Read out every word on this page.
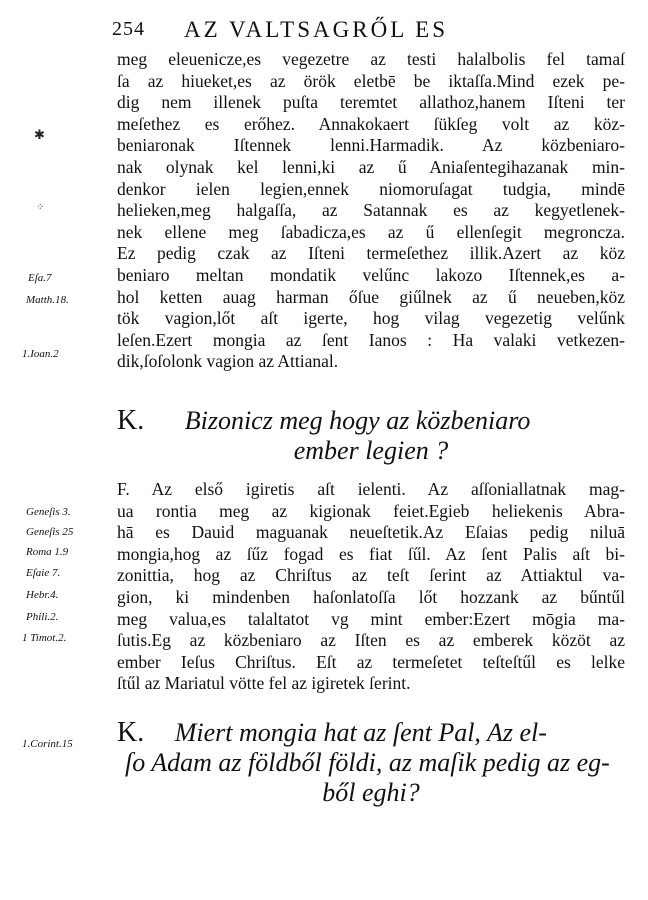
254 AZ VALTSAGRŐL ES
meg eleuenicze,es vegezetre az testi halalbolis fel tamaſ
ſa az hiueket,es az örök eletbē be iktaſſa.Mind ezek pe-
dig nem illenek puſta teremtet allathoz,hanem Iſteni ter
meſethez es erőhez. Annakokaert ſükſeg volt az köz-
beniaronak Iſtennek lenni.Harmadik. Az közbeniaro-
nak olynak kel lenni,ki az ű Aniaſentegihazanak min-
denkor ielen legien,ennek niomoruſagat tudgia, mindē
helieken,meg halgaſſa, az Satannak es az kegyetlenek-
nek ellene meg ſabadicza,es az ű ellenſegit megroncza.
Ez pedig czak az Iſteni termeſethez illik.Azert az köz
beniaro meltan mondatik velűnc lakozo Iſtennek,es a-
hol ketten auag harman őſue giűlnek az ű neueben,köz
tök vagion,lőt aſt igerte, hog vilag vegezetig velűnk
leſen.Ezert mongia az ſent Ianos : Ha valaki vetkezen-
dik,ſoſolonk vagion az Attianal.
K. Bizonicz meg hogy az közbeniaro
ember legien ?
F. Az első igiretis aſt ielenti. Az aſſoniallatnak mag-
ua rontia meg az kigionak feiet.Egieb heliekenis Abra-
hā es Dauid maguanak neueſtetik.Az Eſaias pedig niluā
mongia,hog az ſűz fogad es fiat ſűl. Az ſent Palis aſt bi-
zonittia, hog az Chriſtus az teſt ſerint az Attiaktul va-
gion, ki mindenben haſonlatoſſa lőt hozzank az bűntűl
meg valua,es talaltatot vg mint ember:Ezert mōgia ma-
ſutis.Eg az közbeniaro az Iſten es az emberek közöt az
ember Ieſus Chriſtus. Eſt az termeſetet teſteſtűl es lelke
ſtűl az Mariatul vötte fel az igiretek ſerint.
K. Miert mongia hat az ſent Pal, Az el-
ſo Adam az földből földi, az maſik pedig az eg-
ből eghi?
Eſa.7
Matth.18.
1.Ioan.2
Geneſis 3.
Geneſis 25
Roma 1.9
Eſaie 7.
Hebr.4.
Phili.2.
1 Timot.2.
1.Corint.15
✱
⁘
